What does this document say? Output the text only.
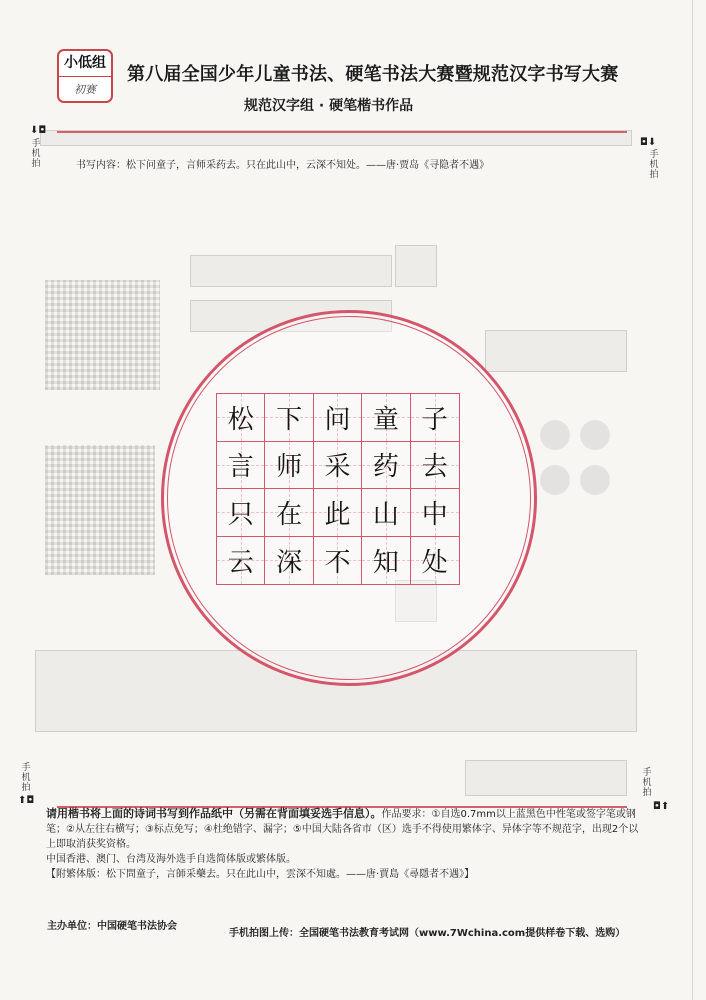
小低组
初赛
第八届全国少年儿童书法、硬笔书法大赛暨规范汉字书写大赛
规范汉字组 · 硬笔楷书作品
⬇◘
手机拍
◘⬇
手机拍
手机拍
⬆◘
手机拍
◘⬆
书写内容：松下问童子，言师采药去。只在此山中，云深不知处。——唐·贾岛《寻隐者不遇》
松 下 问 童 子
言 师 采 药 去
只 在 此 山 中
云 深 不 知 处
请用楷书将上面的诗词书写到作品纸中（另需在背面填妥选手信息）。作品要求：①自选0.7mm以上蓝黑色中性笔或签字笔或钢笔；②从左往右横写；③标点免写；④杜绝错字、漏字；⑤中国大陆各省市（区）选手不得使用繁体字、异体字等不规范字，出现2个以上即取消获奖资格。
中国香港、澳门、台湾及海外选手自选简体版或繁体版。
【附繁体版：松下問童子，言師采藥去。只在此山中，雲深不知處。——唐·賈島《尋隱者不遇》】
主办单位：中国硬笔书法协会
手机拍图上传：全国硬笔书法教育考试网（www.7Wchina.com提供样卷下载、选购）
